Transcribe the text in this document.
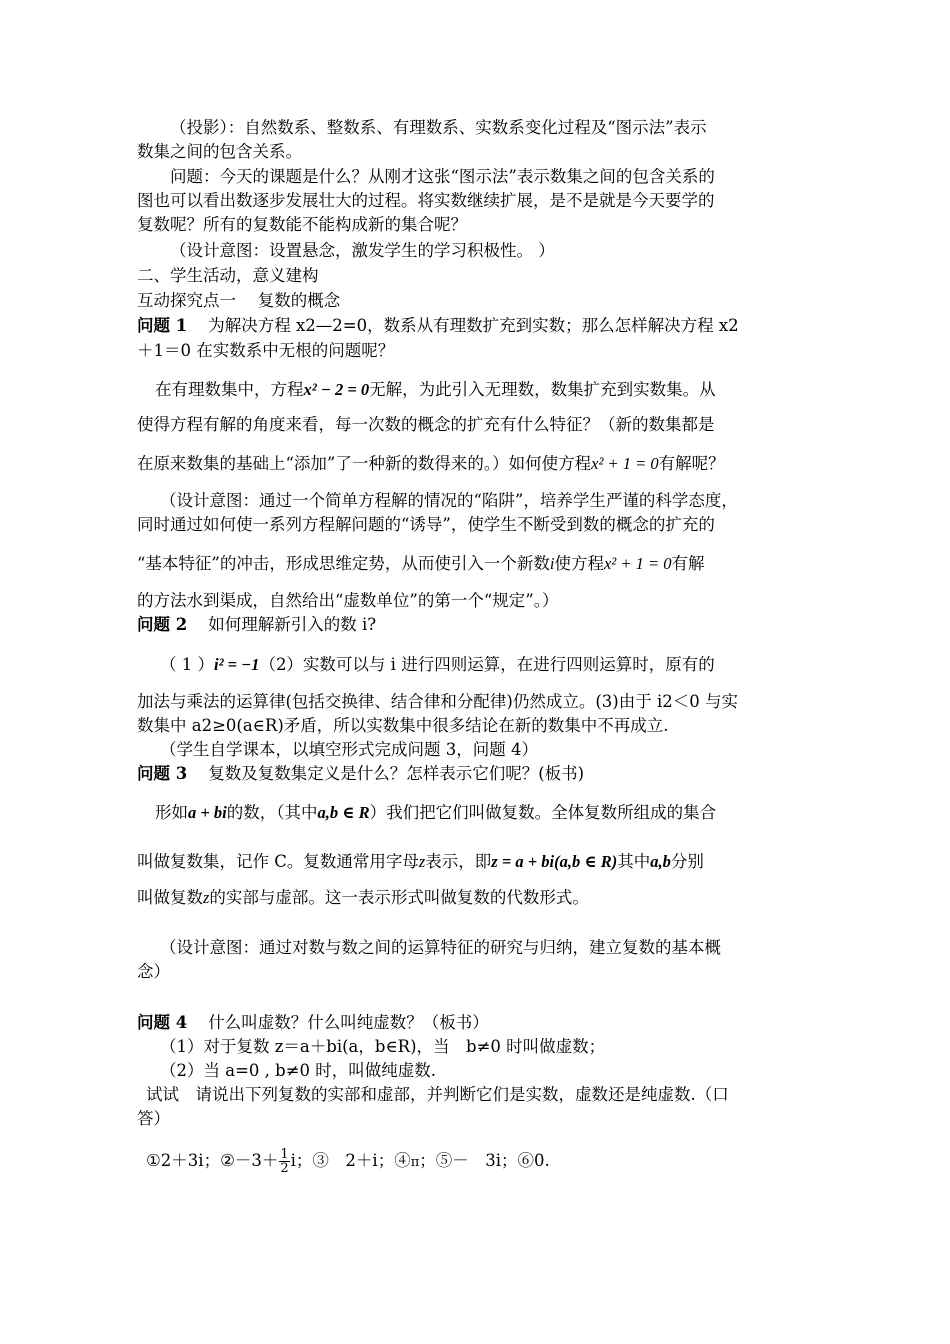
（投影）：自然数系、整数系、有理数系、实数系变化过程及“图示法”表示
数集之间的包含关系。
问题：今天的课题是什么？从刚才这张“图示法”表示数集之间的包含关系的
图也可以看出数逐步发展壮大的过程。将实数继续扩展，是不是就是今天要学的
复数呢？所有的复数能不能构成新的集合呢？
（设计意图：设置悬念，激发学生的学习积极性。 ）
二、学生活动，意义建构
互动探究点一　 复数的概念
问题 1 为解决方程 x2—2=0，数系从有理数扩充到实数；那么怎样解决方程 x2
＋1＝0 在实数系中无根的问题呢？
在有理数集中，方程x² − 2 = 0无解，为此引入无理数，数集扩充到实数集。从
使得方程有解的角度来看，每一次数的概念的扩充有什么特征？（新的数集都是
在原来数集的基础上“添加”了一种新的数得来的。）如何使方程x² + 1 = 0有解呢？
（设计意图：通过一个简单方程解的情况的“陷阱”，培养学生严谨的科学态度，
同时通过如何使一系列方程解问题的“诱导”，使学生不断受到数的概念的扩充的
“基本特征”的冲击，形成思维定势，从而使引入一个新数i使方程x² + 1 = 0有解
的方法水到渠成，自然给出“虚数单位”的第一个“规定”。）
问题 2 如何理解新引入的数 i?
（ 1 ）i² = −1（2）实数可以与 i 进行四则运算，在进行四则运算时，原有的
加法与乘法的运算律(包括交换律、结合律和分配律)仍然成立。(3)由于 i2＜0 与实
数集中 a2≥0(a∈R)矛盾，所以实数集中很多结论在新的数集中不再成立.
（学生自学课本，以填空形式完成问题 3，问题 4）
问题 3 复数及复数集定义是什么？怎样表示它们呢？(板书)
形如a + bi的数，（其中a,b ∈ R）我们把它们叫做复数。全体复数所组成的集合
叫做复数集，记作 C。复数通常用字母z表示，即z = a + bi(a,b ∈ R)其中a,b分别
叫做复数z的实部与虚部。这一表示形式叫做复数的代数形式。
（设计意图：通过对数与数之间的运算特征的研究与归纳，建立复数的基本概
念）
问题 4 什么叫虚数？什么叫纯虚数？（板书）
（1）对于复数 z＝a＋bi(a，b∈R)，当　b≠0 时叫做虚数；
（2）当 a=0 , b≠0 时，叫做纯虚数.
试试　请说出下列复数的实部和虚部，并判断它们是实数，虚数还是纯虚数.（口
答）
①2＋3i；②－3＋ $\frac{1}{2}$ i；③　2＋i；④π；⑤－　3i；⑥0.
